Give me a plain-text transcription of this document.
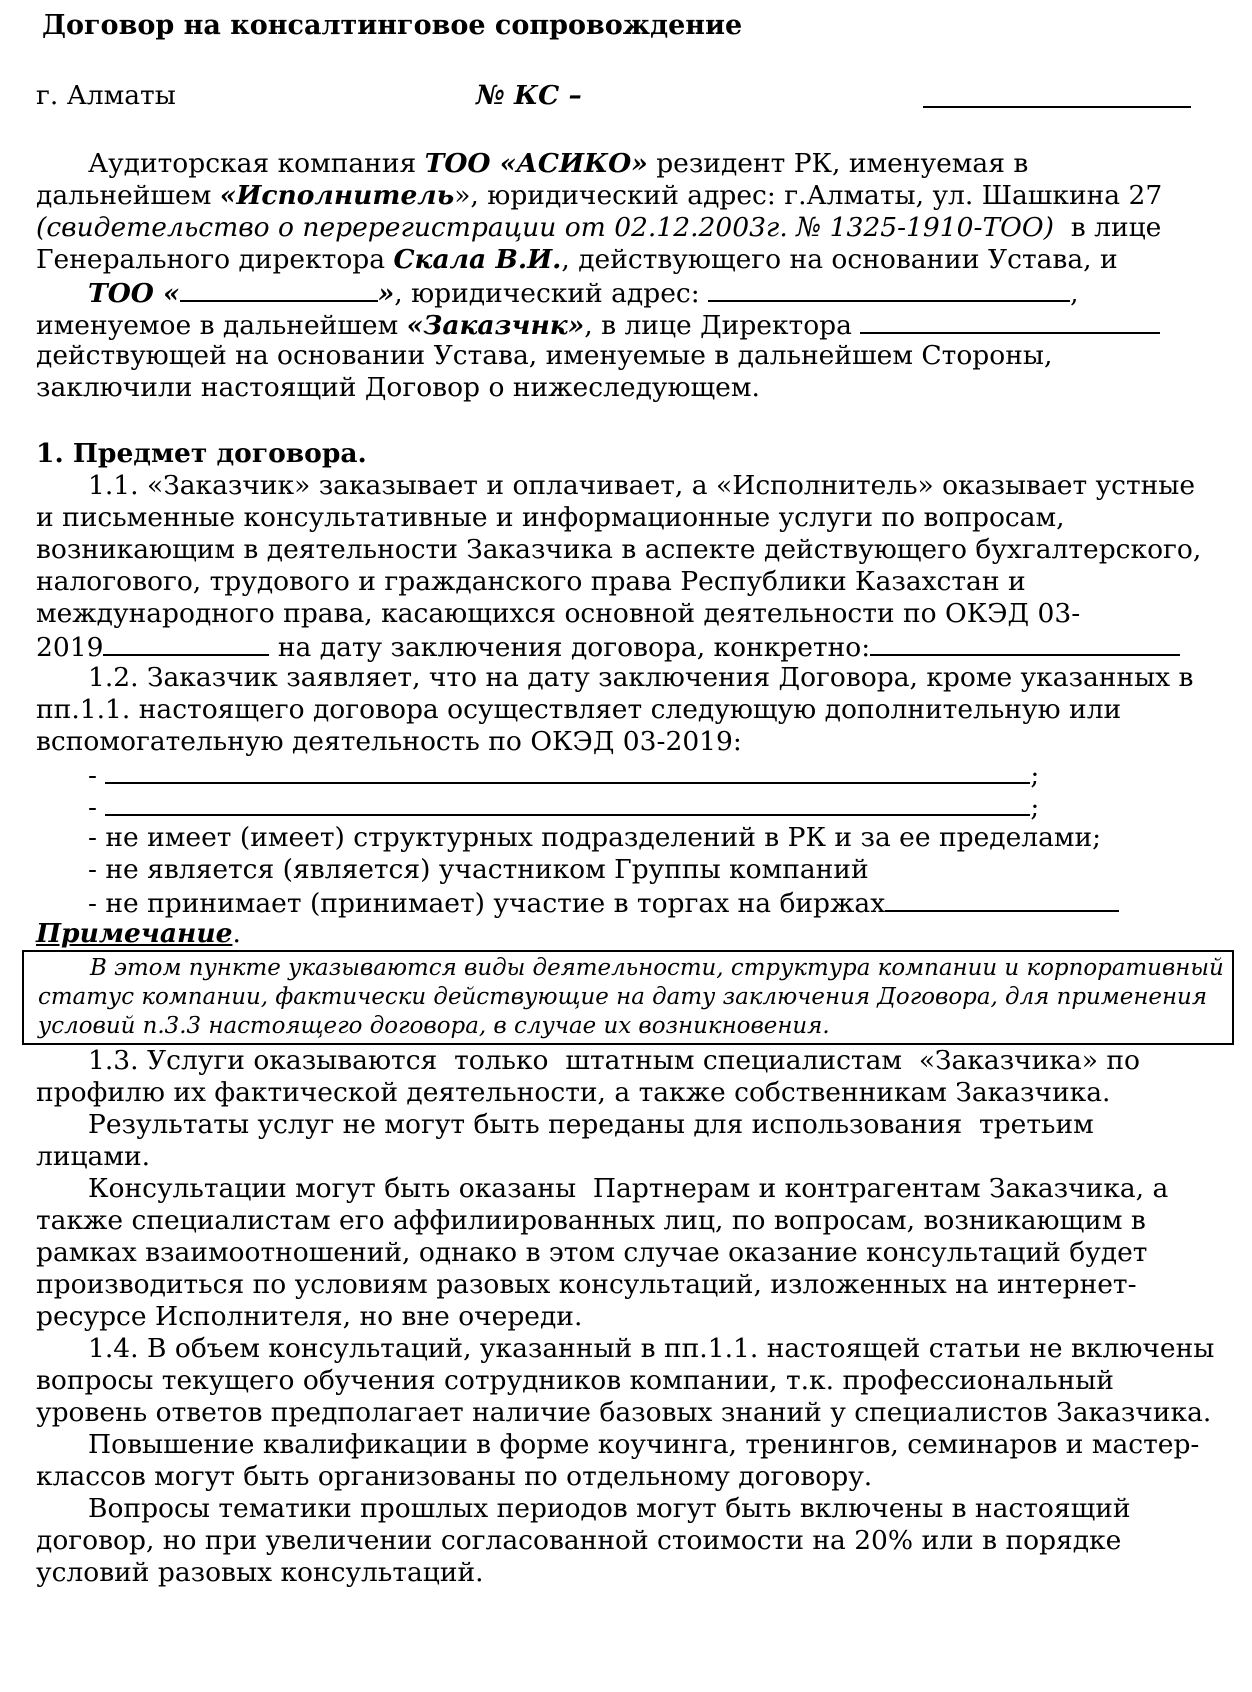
Договор на консалтинговое сопровождение
г. Алматы	№ КС –
Аудиторская компания ТОО «АСИКО» резидент РК, именуемая в
дальнейшем «Исполнитель», юридический адрес: г.Алматы, ул. Шашкина 27
(свидетельство о перерегистрации от 02.12.2003г. № 1325-1910-ТОО)  в лице
Генерального директора Скала В.И., действующего на основании Устава, и
ТОО «	», юридический адрес:	,
именуемое в дальнейшем «Заказчнк», в лице Директора
действующей на основании Устава, именуемые в дальнейшем Стороны,
заключили настоящий Договор о нижеследующем.
1. Предмет договора.
1.1. «Заказчик» заказывает и оплачивает, а «Исполнитель» оказывает устные
и письменные консультативные и информационные услуги по вопросам,
возникающим в деятельности Заказчика в аспекте действующего бухгалтерского,
налогового, трудового и гражданского права Республики Казахстан и
международного права, касающихся основной деятельности по ОКЭД 03-
2019	на дату заключения договора, конкретно:
1.2. Заказчик заявляет, что на дату заключения Договора, кроме указанных в
пп.1.1. настоящего договора осуществляет следующую дополнительную или
вспомогательную деятельность по ОКЭД 03-2019:
-	;
-	;
- не имеет (имеет) структурных подразделений в РК и за ее пределами;
- не является (является) участником Группы компаний
- не принимает (принимает) участие в торгах на биржах
Примечание.
В этом пункте указываются виды деятельности, структура компании и корпоративный
статус компании, фактически действующие на дату заключения Договора, для применения
условий п.3.3 настоящего договора, в случае их возникновения.
1.3. Услуги оказываются  только  штатным специалистам  «Заказчика» по
профилю их фактической деятельности, а также собственникам Заказчика.
Результаты услуг не могут быть переданы для использования  третьим
лицами.
Консультации могут быть оказаны  Партнерам и контрагентам Заказчика, а
также специалистам его аффилиированных лиц, по вопросам, возникающим в
рамках взаимоотношений, однако в этом случае оказание консультаций будет
производиться по условиям разовых консультаций, изложенных на интернет-
ресурсе Исполнителя, но вне очереди.
1.4. В объем консультаций, указанный в пп.1.1. настоящей статьи не включены
вопросы текущего обучения сотрудников компании, т.к. профессиональный
уровень ответов предполагает наличие базовых знаний у специалистов Заказчика.
Повышение квалификации в форме коучинга, тренингов, семинаров и мастер-
классов могут быть организованы по отдельному договору.
Вопросы тематики прошлых периодов могут быть включены в настоящий
договор, но при увеличении согласованной стоимости на 20% или в порядке
условий разовых консультаций.
